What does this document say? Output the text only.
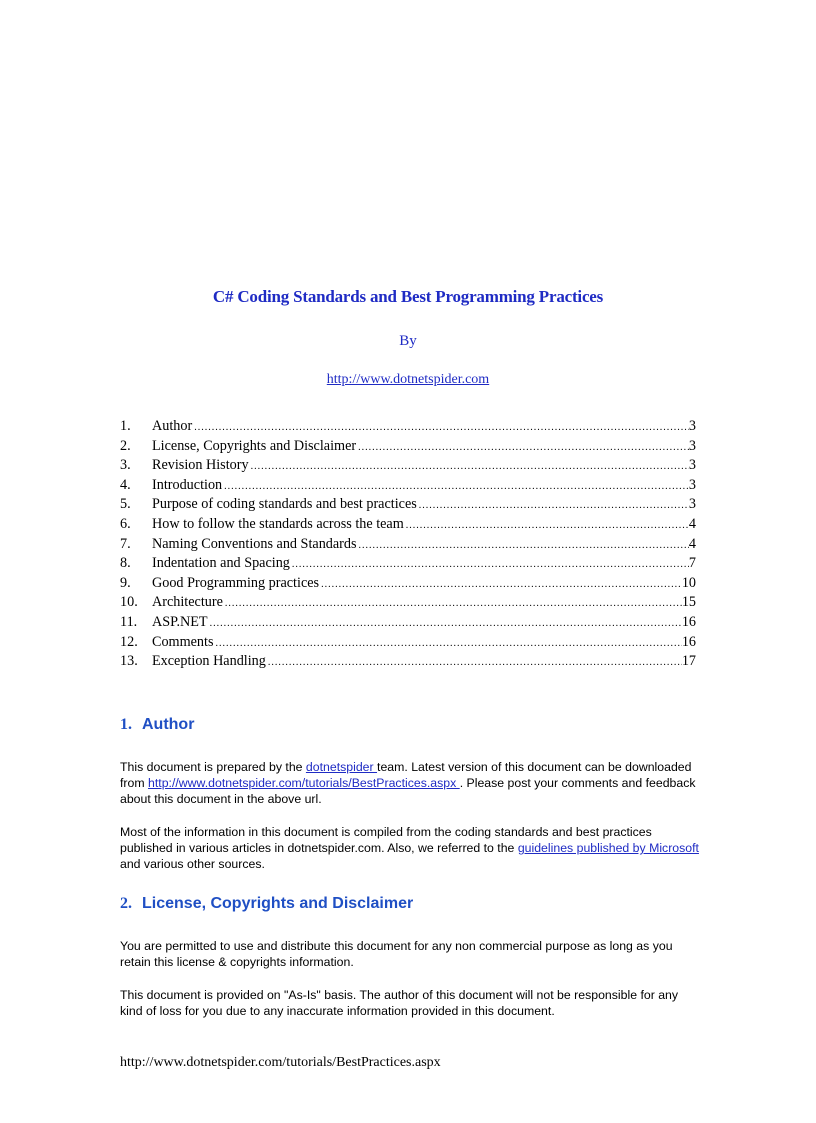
C# Coding Standards and Best Programming Practices
By
http://www.dotnetspider.com
1.	Author .....	3
2.	License, Copyrights and Disclaimer .....	3
3.	Revision History .....	3
4.	Introduction .....	3
5.	Purpose of coding standards and best practices .....	3
6.	How to follow the standards across the team .....	4
7.	Naming Conventions and Standards .....	4
8.	Indentation and Spacing .....	7
9.	Good Programming practices .....	10
10.	Architecture .....	15
11.	ASP.NET .....	16
12.	Comments .....	16
13.	Exception Handling .....	17
1. Author

This document is prepared by the dotnetspider team. Latest version of this document can be downloaded from http://www.dotnetspider.com/tutorials/BestPractices.aspx . Please post your comments and feedback about this document in the above url.

Most of the information in this document is compiled from the coding standards and best practices published in various articles in dotnetspider.com. Also, we referred to the guidelines published by Microsoft and various other sources.

2. License, Copyrights and Disclaimer

You are permitted to use and distribute this document for any non commercial purpose as long as you retain this license & copyrights information.

This document is provided on "As-Is" basis. The author of this document will not be responsible for any kind of loss for you due to any inaccurate information provided in this document.

http://www.dotnetspider.com/tutorials/BestPractices.aspx
